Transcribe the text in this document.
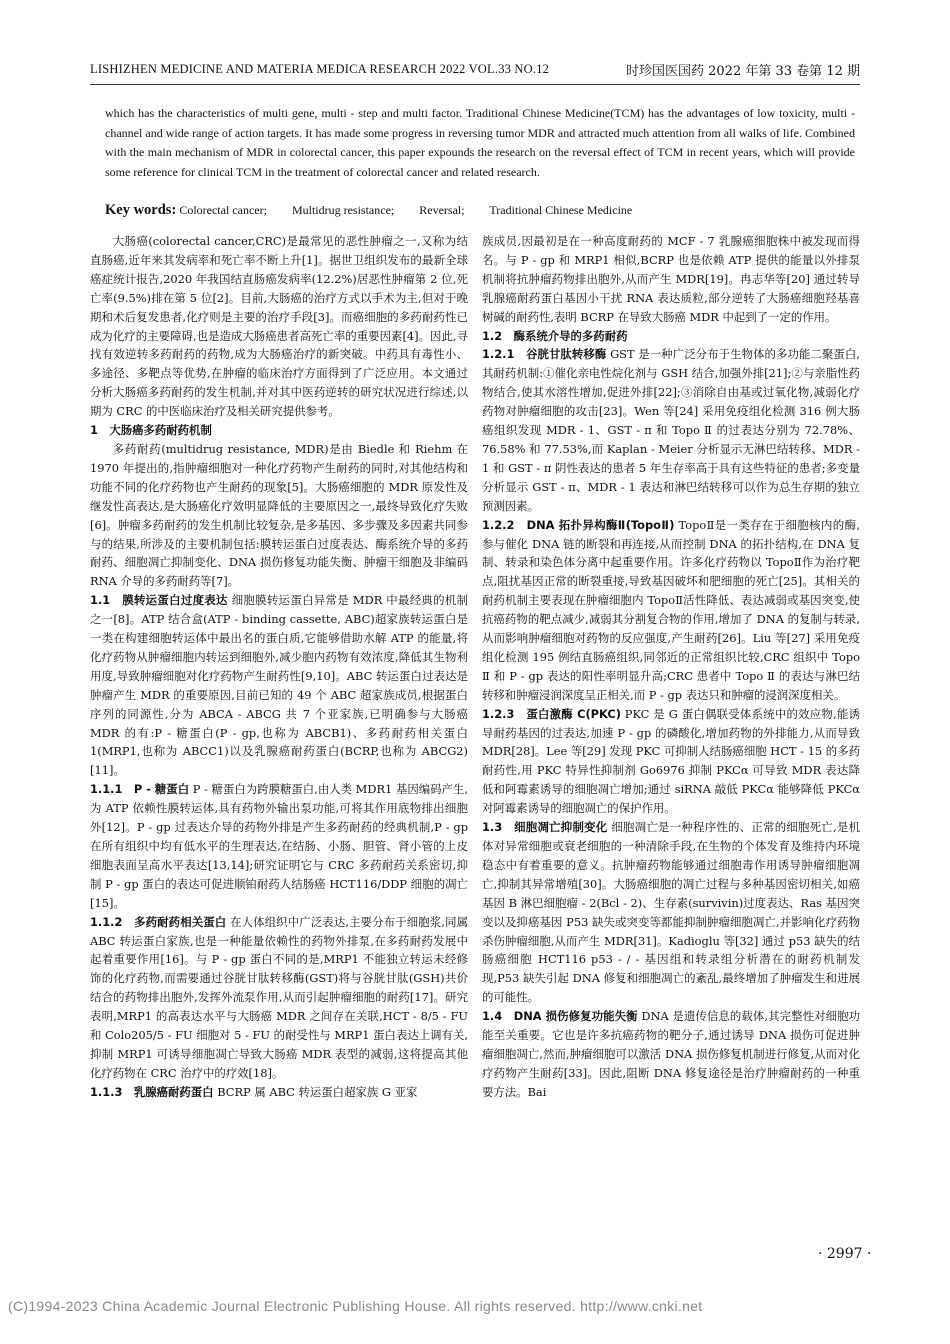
LISHIZHEN MEDICINE AND MATERIA MEDICA RESEARCH 2022 VOL.33 NO.12	时珍国医国药 2022 年第 33 卷第 12 期
which has the characteristics of multi gene, multi - step and multi factor. Traditional Chinese Medicine(TCM) has the advantages of low toxicity, multi - channel and wide range of action targets. It has made some progress in reversing tumor MDR and attracted much attention from all walks of life. Combined with the main mechanism of MDR in colorectal cancer, this paper expounds the research on the reversal effect of TCM in recent years, which will provide some reference for clinical TCM in the treatment of colorectal cancer and related research.
Key words: Colorectal cancer; Multidrug resistance; Reversal; Traditional Chinese Medicine

大肠癌(colorectal cancer,CRC)是最常见的恶性肿瘤之一,又称为结直肠癌,近年来其发病率和死亡率不断上升[1]。据世卫组织发布的最新全球癌症统计报告,2020 年我国结直肠癌发病率(12.2%)居恶性肿瘤第 2 位,死亡率(9.5%)排在第 5 位[2]。目前,大肠癌的治疗方式以手术为主,但对于晚期和术后复发患者,化疗则是主要的治疗手段[3]。而癌细胞的多药耐药性已成为化疗的主要障碍,也是造成大肠癌患者高死亡率的重要因素[4]。因此,寻找有效逆转多药耐药的药物,成为大肠癌治疗的新突破。中药具有毒性小、多途径、多靶点等优势,在肿瘤的临床治疗方面得到了广泛应用。本文通过分析大肠癌多药耐药的发生机制,并对其中医药逆转的研究状况进行综述,以期为 CRC 的中医临床治疗及相关研究提供参考。

1　大肠癌多药耐药机制

多药耐药(multidrug resistance, MDR)是由 Biedle 和 Riehm 在 1970 年提出的,指肿瘤细胞对一种化疗药物产生耐药的同时,对其他结构和功能不同的化疗药物也产生耐药的现象[5]。大肠癌细胞的 MDR 原发性及继发性高表达,是大肠癌化疗效明显降低的主要原因之一,最终导致化疗失败[6]。肿瘤多药耐药的发生机制比较复杂,是多基因、多步骤及多因素共同参与的结果,所涉及的主要机制包括:膜转运蛋白过度表达、酶系统介导的多药耐药、细胞凋亡抑制变化、DNA 损伤修复功能失衡、肿瘤干细胞及非编码 RNA 介导的多药耐药等[7]。

1.1　膜转运蛋白过度表达 细胞膜转运蛋白异常是 MDR 中最经典的机制之一[8]。ATP 结合盒(ATP - binding cassette, ABC)超家族转运蛋白是一类在构建细胞转运体中最出名的蛋白质,它能够借助水解 ATP 的能量,将化疗药物从肿瘤细胞内转运到细胞外,减少胞内药物有效浓度,降低其生物利用度,导致肿瘤细胞对化疗药物产生耐药性[9,10]。ABC 转运蛋白过表达是肿瘤产生 MDR 的重要原因,目前已知的 49 个 ABC 超家族成员,根据蛋白序列的同源性,分为 ABCA - ABCG 共 7 个亚家族,已明确参与大肠癌 MDR 的有:P - 糖蛋白(P - gp,也称为 ABCB1)、多药耐药相关蛋白 1(MRP1,也称为 ABCC1)以及乳腺癌耐药蛋白(BCRP,也称为 ABCG2)[11]。

1.1.1　P - 糖蛋白 P - 糖蛋白为跨膜糖蛋白,由人类 MDR1 基因编码产生,为 ATP 依赖性膜转运体,具有药物外输出泵功能,可将其作用底物排出细胞外[12]。P - gp 过表达介导的药物外排是产生多药耐药的经典机制,P - gp 在所有组织中均有低水平的生理表达,在结肠、小肠、胆管、肾小管的上皮细胞表面呈高水平表达[13,14];研究证明它与 CRC 多药耐药关系密切,抑制 P - gp 蛋白的表达可促进顺铂耐药人结肠癌 HCT116/DDP 细胞的凋亡[15]。

1.1.2　多药耐药相关蛋白 在人体组织中广泛表达,主要分布于细胞浆,同属 ABC 转运蛋白家族,也是一种能量依赖性的药物外排泵,在多药耐药发展中起着重要作用[16]。与 P - gp 蛋白不同的是,MRP1 不能独立转运未经修饰的化疗药物,而需要通过谷胱甘肽转移酶(GST)将与谷胱甘肽(GSH)共价结合的药物排出胞外,发挥外流泵作用,从而引起肿瘤细胞的耐药[17]。研究表明,MRP1 的高表达水平与大肠癌 MDR 之间存在关联,HCT - 8/5 - FU 和 Colo205/5 - FU 细胞对 5 - FU 的耐受性与 MRP1 蛋白表达上调有关,抑制 MRP1 可诱导细胞凋亡导致大肠癌 MDR 表型的减弱,这将提高其他化疗药物在 CRC 治疗中的疗效[18]。

1.1.3　乳腺癌耐药蛋白 BCRP 属 ABC 转运蛋白超家族 G 亚家

族成员,因最初是在一种高度耐药的 MCF - 7 乳腺癌细胞株中被发现而得名。与 P - gp 和 MRP1 相似,BCRP 也是依赖 ATP 提供的能量以外排泵机制将抗肿瘤药物排出胞外,从而产生 MDR[19]。冉志华等[20] 通过转导乳腺癌耐药蛋白基因小干扰 RNA 表达质粒,部分逆转了大肠癌细胞羟基喜树碱的耐药性,表明 BCRP 在导致大肠癌 MDR 中起到了一定的作用。

1.2　酶系统介导的多药耐药

1.2.1　谷胱甘肽转移酶 GST 是一种广泛分布于生物体的多功能二聚蛋白,其耐药机制:①催化亲电性烷化剂与 GSH 结合,加强外排[21];②与亲脂性药物结合,使其水溶性增加,促进外排[22];③消除自由基或过氧化物,减弱化疗药物对肿瘤细胞的攻击[23]。Wen 等[24] 采用免疫组化检测 316 例大肠癌组织发现 MDR - 1、GST - π 和 Topo Ⅱ 的过表达分别为 72.78%、76.58% 和 77.53%,而 Kaplan - Meier 分析显示无淋巴结转移、MDR - 1 和 GST - π 阴性表达的患者 5 年生存率高于具有这些特征的患者;多变量分析显示 GST - π、MDR - 1 表达和淋巴结转移可以作为总生存期的独立预测因素。

1.2.2　DNA 拓扑异构酶Ⅱ(TopoⅡ) TopoⅡ是一类存在于细胞核内的酶,参与催化 DNA 链的断裂和再连接,从而控制 DNA 的拓扑结构,在 DNA 复制、转录和染色体分离中起重要作用。许多化疗药物以 TopoⅡ作为治疗靶点,阻扰基因正常的断裂重接,导致基因破坏和肥细胞的死亡[25]。其相关的耐药机制主要表现在肿瘤细胞内 TopoⅡ活性降低、表达减弱或基因突变,使抗癌药物的靶点减少,减弱其分割复合物的作用,增加了 DNA 的复制与转录,从而影响肿瘤细胞对药物的反应强度,产生耐药[26]。Liu 等[27] 采用免疫组化检测 195 例结直肠癌组织,同邻近的正常组织比较,CRC 组织中 Topo Ⅱ 和 P - gp 表达的阳性率明显升高;CRC 患者中 Topo Ⅱ 的表达与淋巴结转移和肿瘤浸润深度呈正相关,而 P - gp 表达只和肿瘤的浸润深度相关。

1.2.3　蛋白激酶 C(PKC) PKC 是 G 蛋白偶联受体系统中的效应物,能诱导耐药基因的过表达,加速 P - gp 的磷酸化,增加药物的外排能力,从而导致 MDR[28]。Lee 等[29] 发现 PKC 可抑制人结肠癌细胞 HCT - 15 的多药耐药性,用 PKC 特异性抑制剂 Go6976 抑制 PKCα 可导致 MDR 表达降低和阿霉素诱导的细胞凋亡增加;通过 siRNA 敲低 PKCα 能够降低 PKCα 对阿霉素诱导的细胞凋亡的保护作用。

1.3　细胞凋亡抑制变化 细胞凋亡是一种程序性的、正常的细胞死亡,是机体对异常细胞或衰老细胞的一种清除手段,在生物的个体发育及维持内环境稳态中有着重要的意义。抗肿瘤药物能够通过细胞毒作用诱导肿瘤细胞凋亡,抑制其异常增殖[30]。大肠癌细胞的凋亡过程与多种基因密切相关,如癌基因 B 淋巴细胞瘤 - 2(Bcl - 2)、生存素(survivin)过度表达、Ras 基因突变以及抑癌基因 P53 缺失或突变等都能抑制肿瘤细胞凋亡,并影响化疗药物杀伤肿瘤细胞,从而产生 MDR[31]。Kadioglu 等[32] 通过 p53 缺失的结肠癌细胞 HCT116 p53 - / - 基因组和转录组分析潜在的耐药机制发现,P53 缺失引起 DNA 修复和细胞凋亡的紊乱,最终增加了肿瘤发生和进展的可能性。

1.4　DNA 损伤修复功能失衡 DNA 是遗传信息的载体,其完整性对细胞功能至关重要。它也是许多抗癌药物的靶分子,通过诱导 DNA 损伤可促进肿瘤细胞凋亡,然而,肿瘤细胞可以激活 DNA 损伤修复机制进行修复,从而对化疗药物产生耐药[33]。因此,阻断 DNA 修复途径是治疗肿瘤耐药的一种重要方法。Bai

· 2997 ·
(C)1994-2023 China Academic Journal Electronic Publishing House. All rights reserved. http://www.cnki.net
